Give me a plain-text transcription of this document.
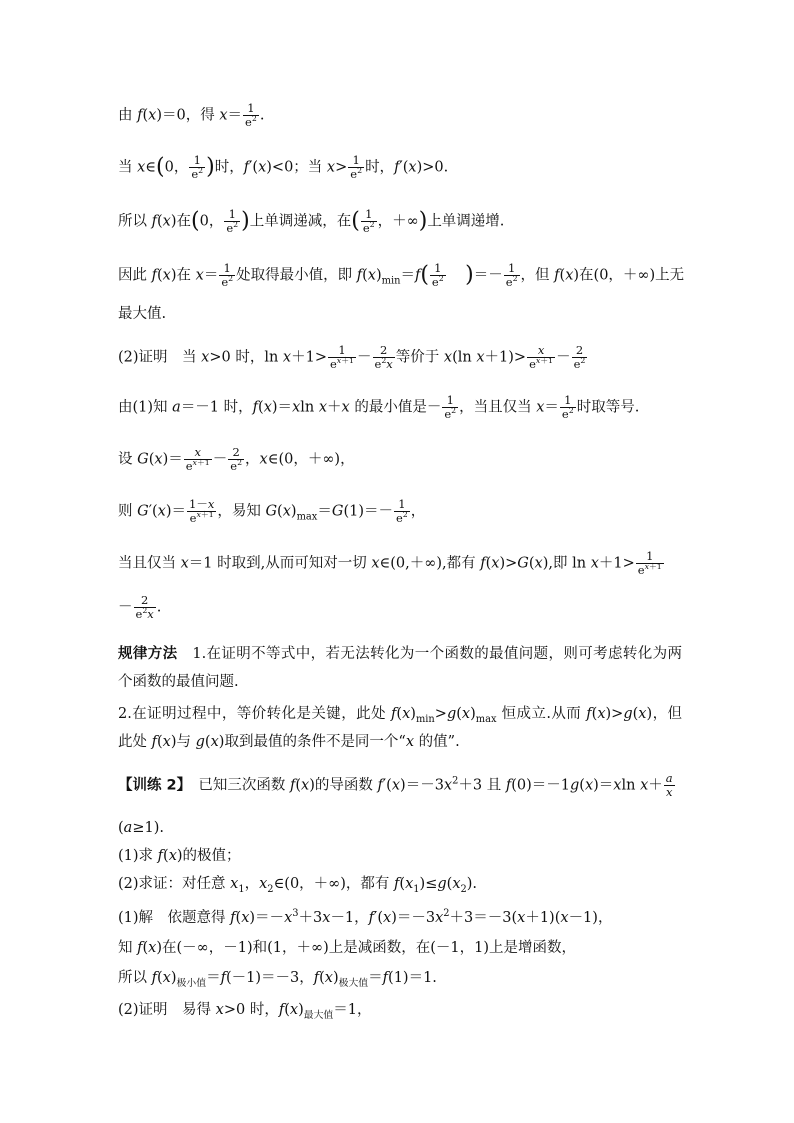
由 f(x)＝0，得 $x= \frac{1}{e^2}$ .
当 x∈(0， $\frac{1}{e^2}$ )时，f′(x)<0；当 $x> \frac{1}{e^2}$ 时，f′(x)>0.
所以 f(x)在(0， $\frac{1}{e^2}$ )上单调递减，在( $\frac{1}{e^2}$ ，＋∞)上单调递增.
因此 f(x)在 $x= \frac{1}{e^2}$ 处取得最小值，即 $f(x)_{min}=f( \frac{1}{e^2}$ )＝－ $\frac{1}{e^2}$ ，但 f(x)在(0，＋∞)上无
最大值.
(2)证明　当 x>0 时，$\ln x+1> \frac{1}{e^{x+1}} - \frac{2}{e^2x}$ 等价于 x(ln $x+1)> \frac{x}{e^{x+1}} - \frac{2}{e^2}$
由(1)知 a＝－1 时，f(x)＝xln x＋x 的最小值是－ $\frac{1}{e^2}$ ，当且仅当 $x= \frac{1}{e^2}$ 时取等号.
设 $G(x)= \frac{x}{e^{x+1}} - \frac{2}{e^2}$ ，x∈(0，＋∞)，
则 $G'(x)= \frac{1-x}{e^{x+1}}$ ，易知 $G(x)_{max}=G(1)=- \frac{1}{e^2}$ ，
当且仅当 x＝1 时取到,从而可知对一切 x∈(0,＋∞),都有 f(x)>G(x),即 $\ln x+1> \frac{1}{e^{x+1}}$
－ $\frac{2}{e^2x}$ .
规律方法　1.在证明不等式中，若无法转化为一个函数的最值问题，则可考虑转化为两个函数的最值问题.
2.在证明过程中，等价转化是关键，此处 $f(x)_{min}>g(x)_{max}$ 恒成立.从而 f(x)>g(x)，但此处 f(x)与 g(x)取到最值的条件不是同一个“x 的值”.
【训练 2】　已知三次函数 f(x)的导函数 $f'(x)=-3x^2+3$ 且 f(0)＝－1g(x)＝xln $x+ \frac{a}{x}$
(a≥1).
(1)求 f(x)的极值；
(2)求证：对任意 $x_1$，$x_2\in(0$，＋∞)，都有 $f(x_1)\le g(x_2)$.
(1)解　依题意得 $f(x)=-x^3+3x-1$，$f'(x)=-3x^2+3=-3(x+1)(x-1)$，
知 f(x)在(－∞，－1)和(1，＋∞)上是减函数，在(－1，1)上是增函数，
所以 $f(x)_{极小值}=f(-1)=-3$，$f(x)_{极大值}=f(1)=1$.
(2)证明　易得 x>0 时，$f(x)_{最大值}=1$，
